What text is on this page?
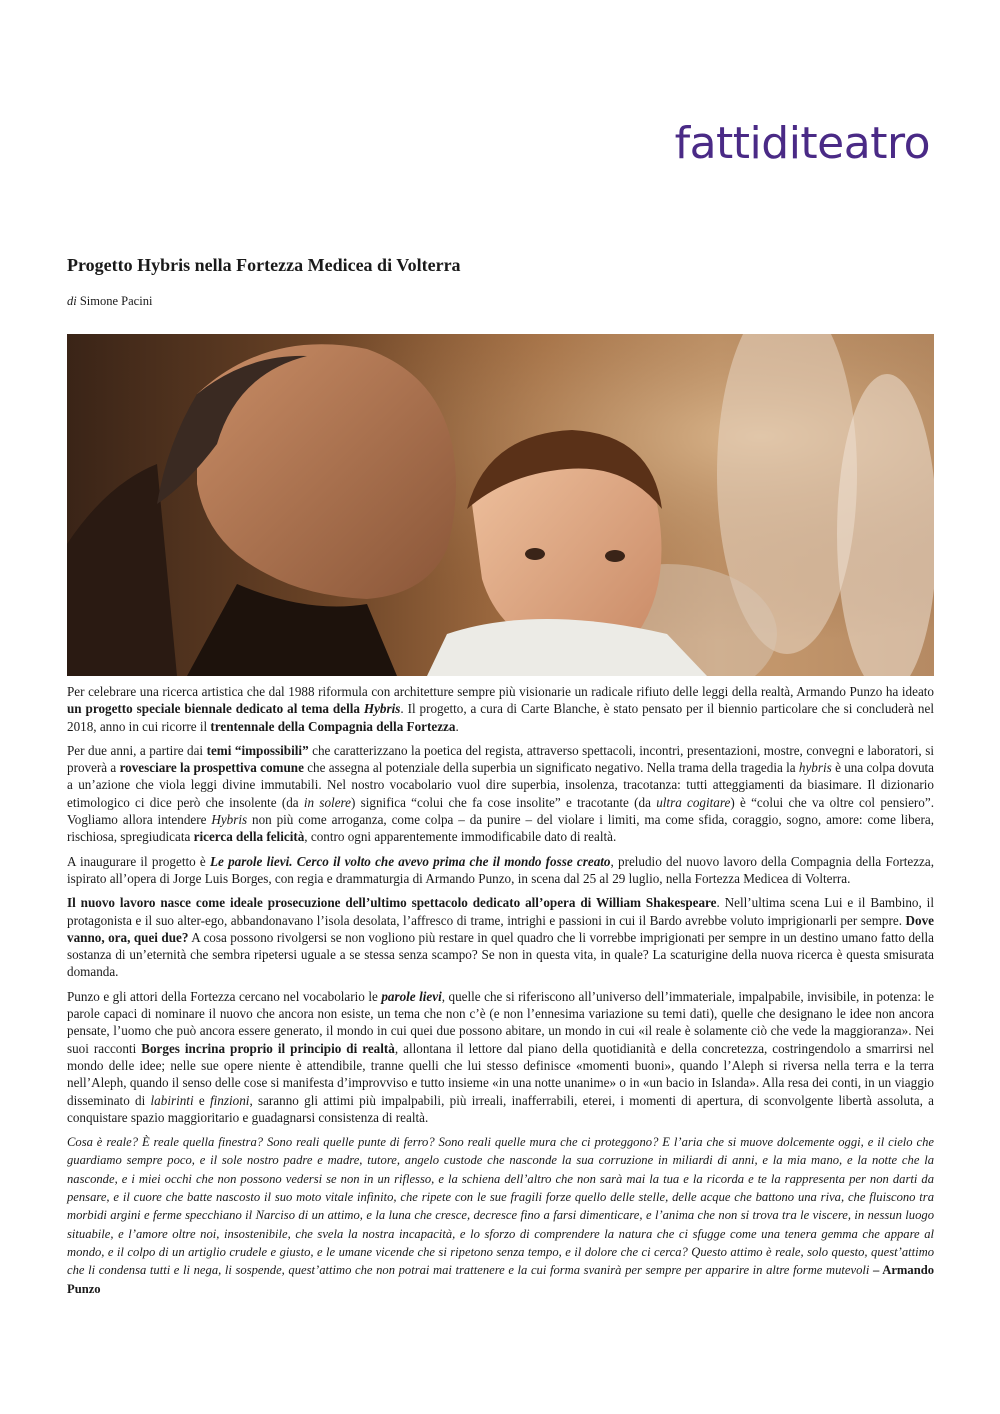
fattiditeatro
Progetto Hybris nella Fortezza Medicea di Volterra
di Simone Pacini

Per celebrare una ricerca artistica che dal 1988 riformula con architetture sempre più visionarie un radicale rifiuto delle leggi della realtà, Armando Punzo ha ideato un progetto speciale biennale dedicato al tema della Hybris. Il progetto, a cura di Carte Blanche, è stato pensato per il biennio particolare che si concluderà nel 2018, anno in cui ricorre il trentennale della Compagnia della Fortezza.

Per due anni, a partire dai temi “impossibili” che caratterizzano la poetica del regista, attraverso spettacoli, incontri, presentazioni, mostre, convegni e laboratori, si proverà a rovesciare la prospettiva comune che assegna al potenziale della superbia un significato negativo. Nella trama della tragedia la hybris è una colpa dovuta a un’azione che viola leggi divine immutabili. Nel nostro vocabolario vuol dire superbia, insolenza, tracotanza: tutti atteggiamenti da biasimare. Il dizionario etimologico ci dice però che insolente (da in solere) significa “colui che fa cose insolite” e tracotante (da ultra cogitare) è “colui che va oltre col pensiero”. Vogliamo allora intendere Hybris non più come arroganza, come colpa – da punire – del violare i limiti, ma come sfida, coraggio, sogno, amore: come libera, rischiosa, spregiudicata ricerca della felicità, contro ogni apparentemente immodificabile dato di realtà.

A inaugurare il progetto è Le parole lievi. Cerco il volto che avevo prima che il mondo fosse creato, preludio del nuovo lavoro della Compagnia della Fortezza, ispirato all’opera di Jorge Luis Borges, con regia e drammaturgia di Armando Punzo, in scena dal 25 al 29 luglio, nella Fortezza Medicea di Volterra.

Il nuovo lavoro nasce come ideale prosecuzione dell’ultimo spettacolo dedicato all’opera di William Shakespeare. Nell’ultima scena Lui e il Bambino, il protagonista e il suo alter-ego, abbandonavano l’isola desolata, l’affresco di trame, intrighi e passioni in cui il Bardo avrebbe voluto imprigionarli per sempre. Dove vanno, ora, quei due? A cosa possono rivolgersi se non vogliono più restare in quel quadro che li vorrebbe imprigionati per sempre in un destino umano fatto della sostanza di un’eternità che sembra ripetersi uguale a se stessa senza scampo? Se non in questa vita, in quale? La scaturigine della nuova ricerca è questa smisurata domanda.

Punzo e gli attori della Fortezza cercano nel vocabolario le parole lievi, quelle che si riferiscono all’universo dell’immateriale, impalpabile, invisibile, in potenza: le parole capaci di nominare il nuovo che ancora non esiste, un tema che non c’è (e non l’ennesima variazione su temi dati), quelle che designano le idee non ancora pensate, l’uomo che può ancora essere generato, il mondo in cui quei due possono abitare, un mondo in cui «il reale è solamente ciò che vede la maggioranza». Nei suoi racconti Borges incrina proprio il principio di realtà, allontana il lettore dal piano della quotidianità e della concretezza, costringendolo a smarrirsi nel mondo delle idee; nelle sue opere niente è attendibile, tranne quelli che lui stesso definisce «momenti buoni», quando l’Aleph si riversa nella terra e la terra nell’Aleph, quando il senso delle cose si manifesta d’improvviso e tutto insieme «in una notte unanime» o in «un bacio in Islanda». Alla resa dei conti, in un viaggio disseminato di labirinti e finzioni, saranno gli attimi più impalpabili, più irreali, inafferrabili, eterei, i momenti di apertura, di sconvolgente libertà assoluta, a conquistare spazio maggioritario e guadagnarsi consistenza di realtà.

Cosa è reale? È reale quella finestra? Sono reali quelle punte di ferro? Sono reali quelle mura che ci proteggono? E l’aria che si muove dolcemente oggi, e il cielo che guardiamo sempre poco, e il sole nostro padre e madre, tutore, angelo custode che nasconde la sua corruzione in miliardi di anni, e la mia mano, e la notte che la nasconde, e i miei occhi che non possono vedersi se non in un riflesso, e la schiena dell’altro che non sarà mai la tua e la ricorda e te la rappresenta per non darti da pensare, e il cuore che batte nascosto il suo moto vitale infinito, che ripete con le sue fragili forze quello delle stelle, delle acque che battono una riva, che fluiscono tra morbidi argini e ferme specchiano il Narciso di un attimo, e la luna che cresce, decresce fino a farsi dimenticare, e l’anima che non si trova tra le viscere, in nessun luogo situabile, e l’amore oltre noi, insostenibile, che svela la nostra incapacità, e lo sforzo di comprendere la natura che ci sfugge come una tenera gemma che appare al mondo, e il colpo di un artiglio crudele e giusto, e le umane vicende che si ripetono senza tempo, e il dolore che ci cerca? Questo attimo è reale, solo questo, quest’attimo che li condensa tutti e li nega, li sospende, quest’attimo che non potrai mai trattenere e la cui forma svanirà per sempre per apparire in altre forme mutevoli – Armando Punzo
